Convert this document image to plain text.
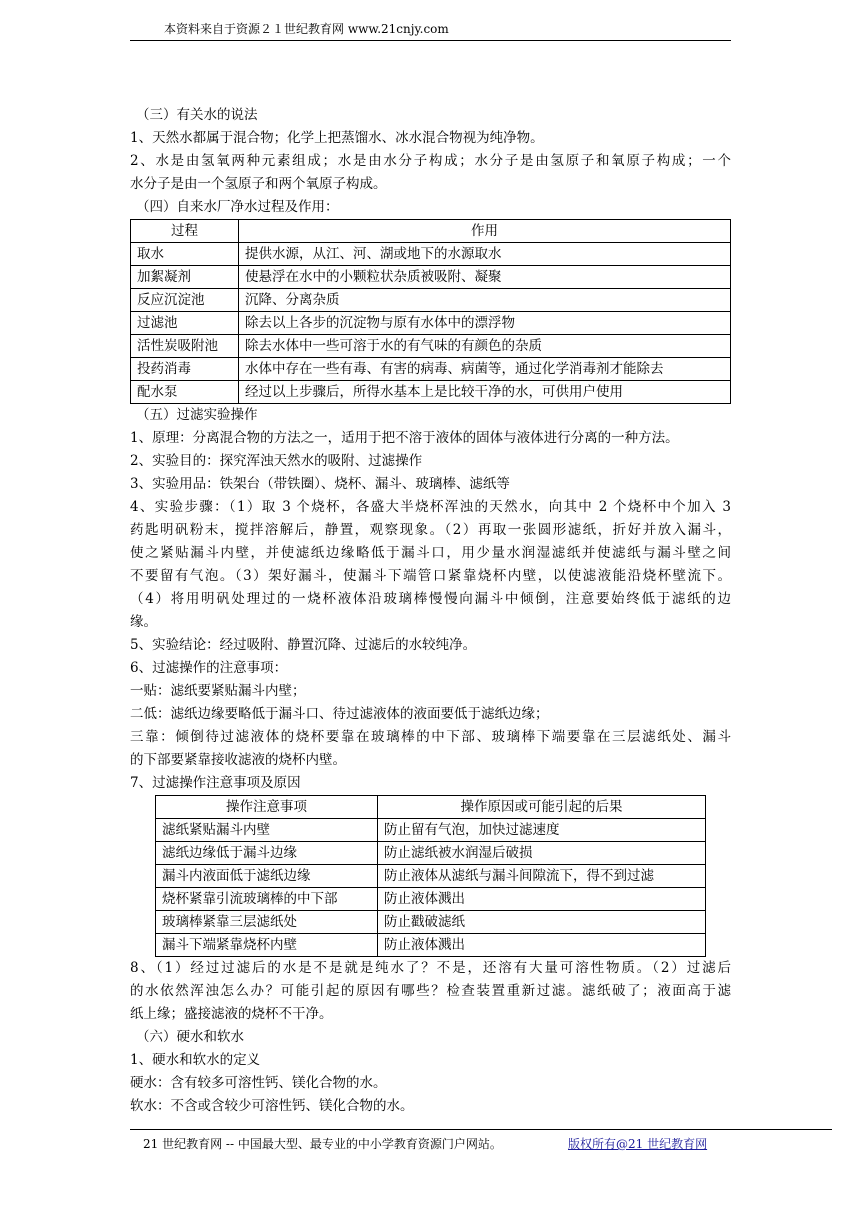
本资料来自于资源２１世纪教育网 www.21cnjy.com
（三）有关水的说法
1、天然水都属于混合物；化学上把蒸馏水、冰水混合物视为纯净物。
2、水是由氢氧两种元素组成；水是由水分子构成；水分子是由氢原子和氧原子构成；一个
水分子是由一个氢原子和两个氧原子构成。
（四）自来水厂净水过程及作用：
过程	作用
取水	提供水源，从江、河、湖或地下的水源取水
加絮凝剂	使悬浮在水中的小颗粒状杂质被吸附、凝聚
反应沉淀池	沉降、分离杂质
过滤池	除去以上各步的沉淀物与原有水体中的漂浮物
活性炭吸附池	除去水体中一些可溶于水的有气味的有颜色的杂质
投药消毒	水体中存在一些有毒、有害的病毒、病菌等，通过化学消毒剂才能除去
配水泵	经过以上步骤后，所得水基本上是比较干净的水，可供用户使用
（五）过滤实验操作
1、原理：分离混合物的方法之一，适用于把不溶于液体的固体与液体进行分离的一种方法。
2、实验目的：探究浑浊天然水的吸附、过滤操作
3、实验用品：铁架台（带铁圈）、烧杯、漏斗、玻璃棒、滤纸等
4、实验步骤：（1）取 3 个烧杯，各盛大半烧杯浑浊的天然水，向其中 2 个烧杯中个加入 3
药匙明矾粉末，搅拌溶解后，静置，观察现象。（2）再取一张圆形滤纸，折好并放入漏斗，
使之紧贴漏斗内壁，并使滤纸边缘略低于漏斗口，用少量水润湿滤纸并使滤纸与漏斗壁之间
不要留有气泡。（3）架好漏斗，使漏斗下端管口紧靠烧杯内壁，以使滤液能沿烧杯壁流下。
（4）将用明矾处理过的一烧杯液体沿玻璃棒慢慢向漏斗中倾倒，注意要始终低于滤纸的边
缘。
5、实验结论：经过吸附、静置沉降、过滤后的水较纯净。
6、过滤操作的注意事项：
一贴：滤纸要紧贴漏斗内壁；
二低：滤纸边缘要略低于漏斗口、待过滤液体的液面要低于滤纸边缘；
三靠：倾倒待过滤液体的烧杯要靠在玻璃棒的中下部、玻璃棒下端要靠在三层滤纸处、漏斗
的下部要紧靠接收滤液的烧杯内壁。
7、过滤操作注意事项及原因
操作注意事项	操作原因或可能引起的后果
滤纸紧贴漏斗内壁	防止留有气泡，加快过滤速度
滤纸边缘低于漏斗边缘	防止滤纸被水润湿后破损
漏斗内液面低于滤纸边缘	防止液体从滤纸与漏斗间隙流下，得不到过滤
烧杯紧靠引流玻璃棒的中下部	防止液体溅出
玻璃棒紧靠三层滤纸处	防止戳破滤纸
漏斗下端紧靠烧杯内壁	防止液体溅出
8、（1）经过过滤后的水是不是就是纯水了？不是，还溶有大量可溶性物质。（2）过滤后
的水依然浑浊怎么办？可能引起的原因有哪些？检查装置重新过滤。滤纸破了；液面高于滤
纸上缘；盛接滤液的烧杯不干净。
（六）硬水和软水
1、硬水和软水的定义
硬水：含有较多可溶性钙、镁化合物的水。
软水：不含或含较少可溶性钙、镁化合物的水。
21 世纪教育网 -- 中国最大型、最专业的中小学教育资源门户网站。	版权所有@21 世纪教育网
